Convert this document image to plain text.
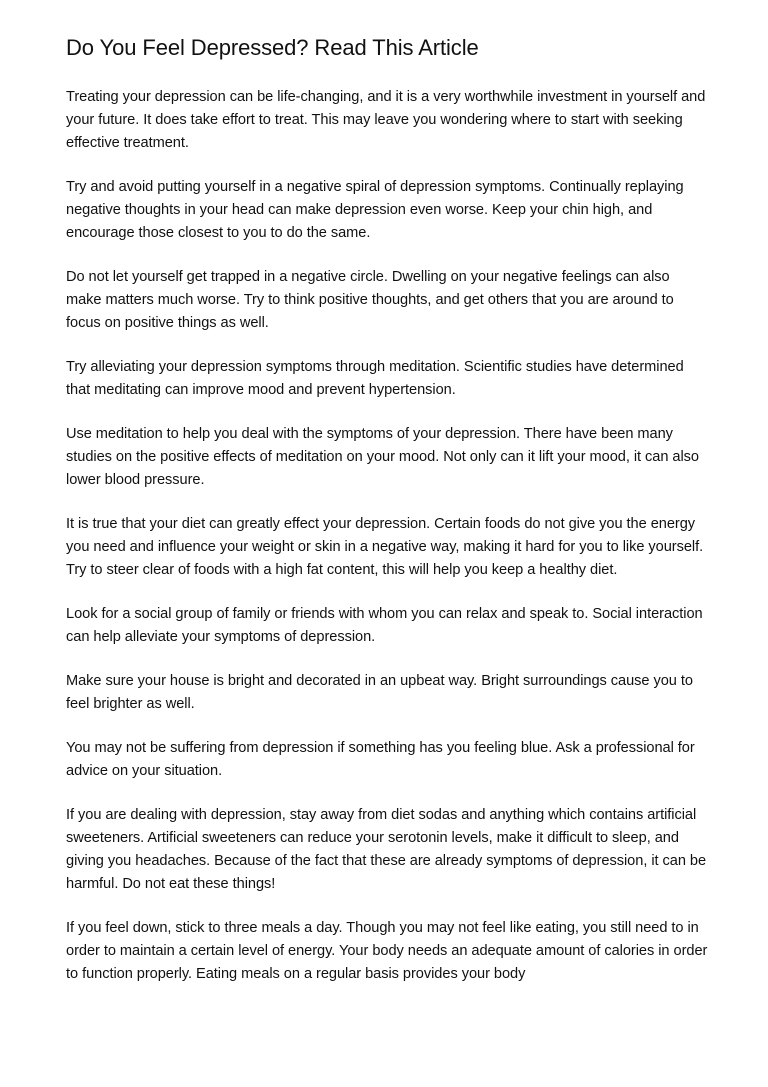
Do You Feel Depressed? Read This Article

Treating your depression can be life-changing, and it is a very worthwhile investment in yourself and your future. It does take effort to treat. This may leave you wondering where to start with seeking effective treatment.

Try and avoid putting yourself in a negative spiral of depression symptoms. Continually replaying negative thoughts in your head can make depression even worse. Keep your chin high, and encourage those closest to you to do the same.

Do not let yourself get trapped in a negative circle. Dwelling on your negative feelings can also make matters much worse. Try to think positive thoughts, and get others that you are around to focus on positive things as well.

Try alleviating your depression symptoms through meditation. Scientific studies have determined that meditating can improve mood and prevent hypertension.

Use meditation to help you deal with the symptoms of your depression. There have been many studies on the positive effects of meditation on your mood. Not only can it lift your mood, it can also lower blood pressure.

It is true that your diet can greatly effect your depression. Certain foods do not give you the energy you need and influence your weight or skin in a negative way, making it hard for you to like yourself. Try to steer clear of foods with a high fat content, this will help you keep a healthy diet.

Look for a social group of family or friends with whom you can relax and speak to. Social interaction can help alleviate your symptoms of depression.

Make sure your house is bright and decorated in an upbeat way. Bright surroundings cause you to feel brighter as well.

You may not be suffering from depression if something has you feeling blue. Ask a professional for advice on your situation.

If you are dealing with depression, stay away from diet sodas and anything which contains artificial sweeteners. Artificial sweeteners can reduce your serotonin levels, make it difficult to sleep, and giving you headaches. Because of the fact that these are already symptoms of depression, it can be harmful. Do not eat these things!

If you feel down, stick to three meals a day. Though you may not feel like eating, you still need to in order to maintain a certain level of energy. Your body needs an adequate amount of calories in order to function properly. Eating meals on a regular basis provides your body
